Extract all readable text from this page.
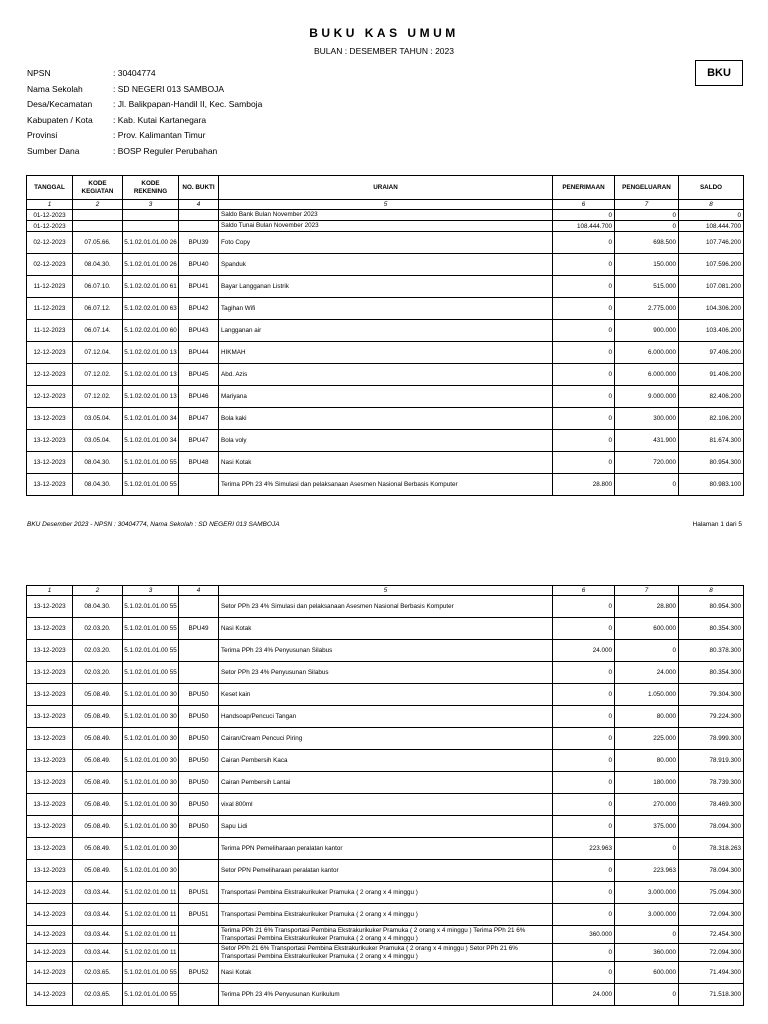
BUKU KAS UMUM
BULAN : DESEMBER TAHUN : 2023
BKU
NPSN	: 30404774
Nama Sekolah	: SD NEGERI 013 SAMBOJA
Desa/Kecamatan	: Jl. Balikpapan-Handil II, Kec. Samboja
Kabupaten / Kota	: Kab. Kutai Kartanegara
Provinsi	: Prov. Kalimantan Timur
Sumber Dana	: BOSP Reguler Perubahan
TANGGAL	KODE KEGIATAN	KODE REKENING	NO. BUKTI	URAIAN	PENERIMAAN	PENGELUARAN	SALDO
1	2	3	4	5	6	7	8
01-12-2023				Saldo Bank Bulan November 2023	0	0	0
01-12-2023				Saldo Tunai Bulan November 2023	108.444.700	0	108.444.700
02-12-2023	07.05.66.	5.1.02.01.01.00 26	BPU39	Foto Copy	0	698.500	107.746.200
02-12-2023	08.04.30.	5.1.02.01.01.00 26	BPU40	Spanduk	0	150.000	107.596.200
11-12-2023	06.07.10.	5.1.02.02.01.00 61	BPU41	Bayar Langganan Listrik	0	515.000	107.081.200
11-12-2023	06.07.12.	5.1.02.02.01.00 63	BPU42	Tagihan Wifi	0	2.775.000	104.306.200
11-12-2023	06.07.14.	5.1.02.02.01.00 60	BPU43	Langganan air	0	900.000	103.406.200
12-12-2023	07.12.04.	5.1.02.02.01.00 13	BPU44	HIKMAH	0	6.000.000	97.406.200
12-12-2023	07.12.02.	5.1.02.02.01.00 13	BPU45	Abd. Azis	0	6.000.000	91.406.200
12-12-2023	07.12.02.	5.1.02.02.01.00 13	BPU46	Mariyana	0	9.000.000	82.406.200
13-12-2023	03.05.04.	5.1.02.01.01.00 34	BPU47	Bola kaki	0	300.000	82.106.200
13-12-2023	03.05.04.	5.1.02.01.01.00 34	BPU47	Bola voly	0	431.900	81.674.300
13-12-2023	08.04.30.	5.1.02.01.01.00 55	BPU48	Nasi Kotak	0	720.000	80.954.300
13-12-2023	08.04.30.	5.1.02.01.01.00 55		Terima PPh 23 4% Simulasi dan pelaksanaan Asesmen Nasional Berbasis Komputer	28.800	0	80.983.100
BKU Desember 2023 - NPSN : 30404774, Nama Sekolah : SD NEGERI 013 SAMBOJA	Halaman 1 dari 5
1	2	3	4	5	6	7	8
13-12-2023	08.04.30.	5.1.02.01.01.00 55		Setor PPh 23 4% Simulasi dan pelaksanaan Asesmen Nasional Berbasis Komputer	0	28.800	80.954.300
13-12-2023	02.03.20.	5.1.02.01.01.00 55	BPU49	Nasi Kotak	0	600.000	80.354.300
13-12-2023	02.03.20.	5.1.02.01.01.00 55		Terima PPh 23 4% Penyusunan Silabus	24.000	0	80.378.300
13-12-2023	02.03.20.	5.1.02.01.01.00 55		Setor PPh 23 4% Penyusunan Silabus	0	24.000	80.354.300
13-12-2023	05.08.49.	5.1.02.01.01.00 30	BPU50	Keset kain	0	1.050.000	79.304.300
13-12-2023	05.08.49.	5.1.02.01.01.00 30	BPU50	Handsoap/Pencuci Tangan	0	80.000	79.224.300
13-12-2023	05.08.49.	5.1.02.01.01.00 30	BPU50	Cairan/Cream Pencuci Piring	0	225.000	78.999.300
13-12-2023	05.08.49.	5.1.02.01.01.00 30	BPU50	Cairan Pembersih Kaca	0	80.000	78.919.300
13-12-2023	05.08.49.	5.1.02.01.01.00 30	BPU50	Cairan Pembersih Lantai	0	180.000	78.739.300
13-12-2023	05.08.49.	5.1.02.01.01.00 30	BPU50	vixal 800ml	0	270.000	78.469.300
13-12-2023	05.08.49.	5.1.02.01.01.00 30	BPU50	Sapu Lidi	0	375.000	78.094.300
13-12-2023	05.08.49.	5.1.02.01.01.00 30		Terima PPN Pemeliharaan peralatan kantor	223.963	0	78.318.263
13-12-2023	05.08.49.	5.1.02.01.01.00 30		Setor PPN Pemeliharaan peralatan kantor	0	223.963	78.094.300
14-12-2023	03.03.44.	5.1.02.02.01.00 11	BPU51	Transportasi Pembina Ekstrakurikuker Pramuka ( 2 orang x 4 minggu )	0	3.000.000	75.094.300
14-12-2023	03.03.44.	5.1.02.02.01.00 11	BPU51	Transportasi Pembina Ekstrakurikuker Pramuka ( 2 orang x 4 minggu )	0	3.000.000	72.094.300
14-12-2023	03.03.44.	5.1.02.02.01.00 11		Terima PPh 21 6% Transportasi Pembina Ekstrakurikuker Pramuka ( 2 orang x 4 minggu ) Terima PPh 21 6% Transportasi Pembina Ekstrakurikuker Pramuka ( 2 orang x 4 minggu )	360.000	0	72.454.300
14-12-2023	03.03.44.	5.1.02.02.01.00 11		Setor PPh 21 6% Transportasi Pembina Ekstrakurikuker Pramuka ( 2 orang x 4 minggu ) Setor PPh 21 6% Transportasi Pembina Ekstrakurikuker Pramuka ( 2 orang x 4 minggu )	0	360.000	72.094.300
14-12-2023	02.03.65.	5.1.02.01.01.00 55	BPU52	Nasi Kotak	0	600.000	71.494.300
14-12-2023	02.03.65.	5.1.02.01.01.00 55		Terima PPh 23 4% Penyusunan Kurikulum	24.000	0	71.518.300
